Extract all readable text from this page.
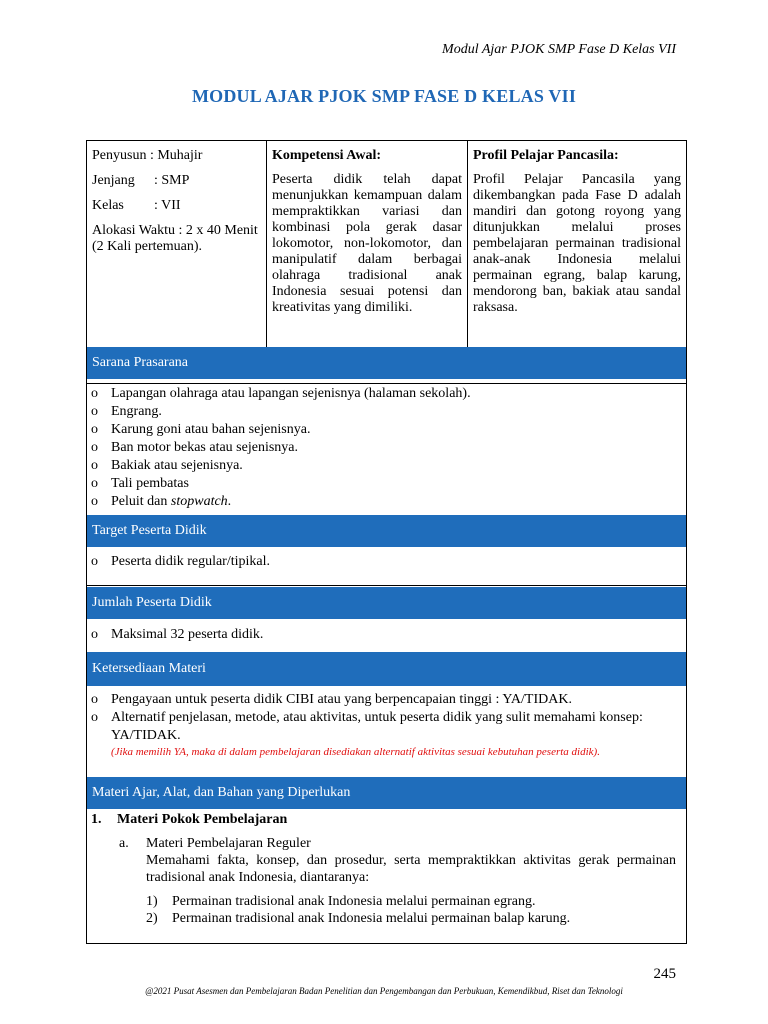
Modul Ajar PJOK SMP Fase D Kelas VII
MODUL AJAR PJOK SMP FASE D KELAS VII
Penyusun : Muhajir
Jenjang : SMP
Kelas : VII
Alokasi Waktu : 2 x 40 Menit (2 Kali pertemuan).
Kompetensi Awal:
Peserta didik telah dapat menunjukkan kemampuan dalam mempraktikkan variasi dan kombinasi pola gerak dasar lokomotor, non-lokomotor, dan manipulatif dalam berbagai olahraga tradisional anak Indonesia sesuai potensi dan kreativitas yang dimiliki.
Profil Pelajar Pancasila:
Profil Pelajar Pancasila yang dikembangkan pada Fase D adalah mandiri dan gotong royong yang ditunjukkan melalui proses pembelajaran permainan tradisional anak-anak Indonesia melalui permainan egrang, balap karung, mendorong ban, bakiak atau sandal raksasa.
Sarana Prasarana
o Lapangan olahraga atau lapangan sejenisnya (halaman sekolah).
o Engrang.
o Karung goni atau bahan sejenisnya.
o Ban motor bekas atau sejenisnya.
o Bakiak atau sejenisnya.
o Tali pembatas
o Peluit dan stopwatch.
Target Peserta Didik
o Peserta didik regular/tipikal.
Jumlah Peserta Didik
o Maksimal 32 peserta didik.
Ketersediaan Materi
o Pengayaan untuk peserta didik CIBI atau yang berpencapaian tinggi : YA/TIDAK.
o Alternatif penjelasan, metode, atau aktivitas, untuk peserta didik yang sulit memahami konsep: YA/TIDAK.
(Jika memilih YA, maka di dalam pembelajaran disediakan alternatif aktivitas sesuai kebutuhan peserta didik).
Materi Ajar, Alat, dan Bahan yang Diperlukan
1. Materi Pokok Pembelajaran
a. Materi Pembelajaran Reguler
Memahami fakta, konsep, dan prosedur, serta mempraktikkan aktivitas gerak permainan tradisional anak Indonesia, diantaranya:
1) Permainan tradisional anak Indonesia melalui permainan egrang.
2) Permainan tradisional anak Indonesia melalui permainan balap karung.
245
@2021 Pusat Asesmen dan Pembelajaran Badan Penelitian dan Pengembangan dan Perbukuan, Kemendikbud, Riset dan Teknologi
